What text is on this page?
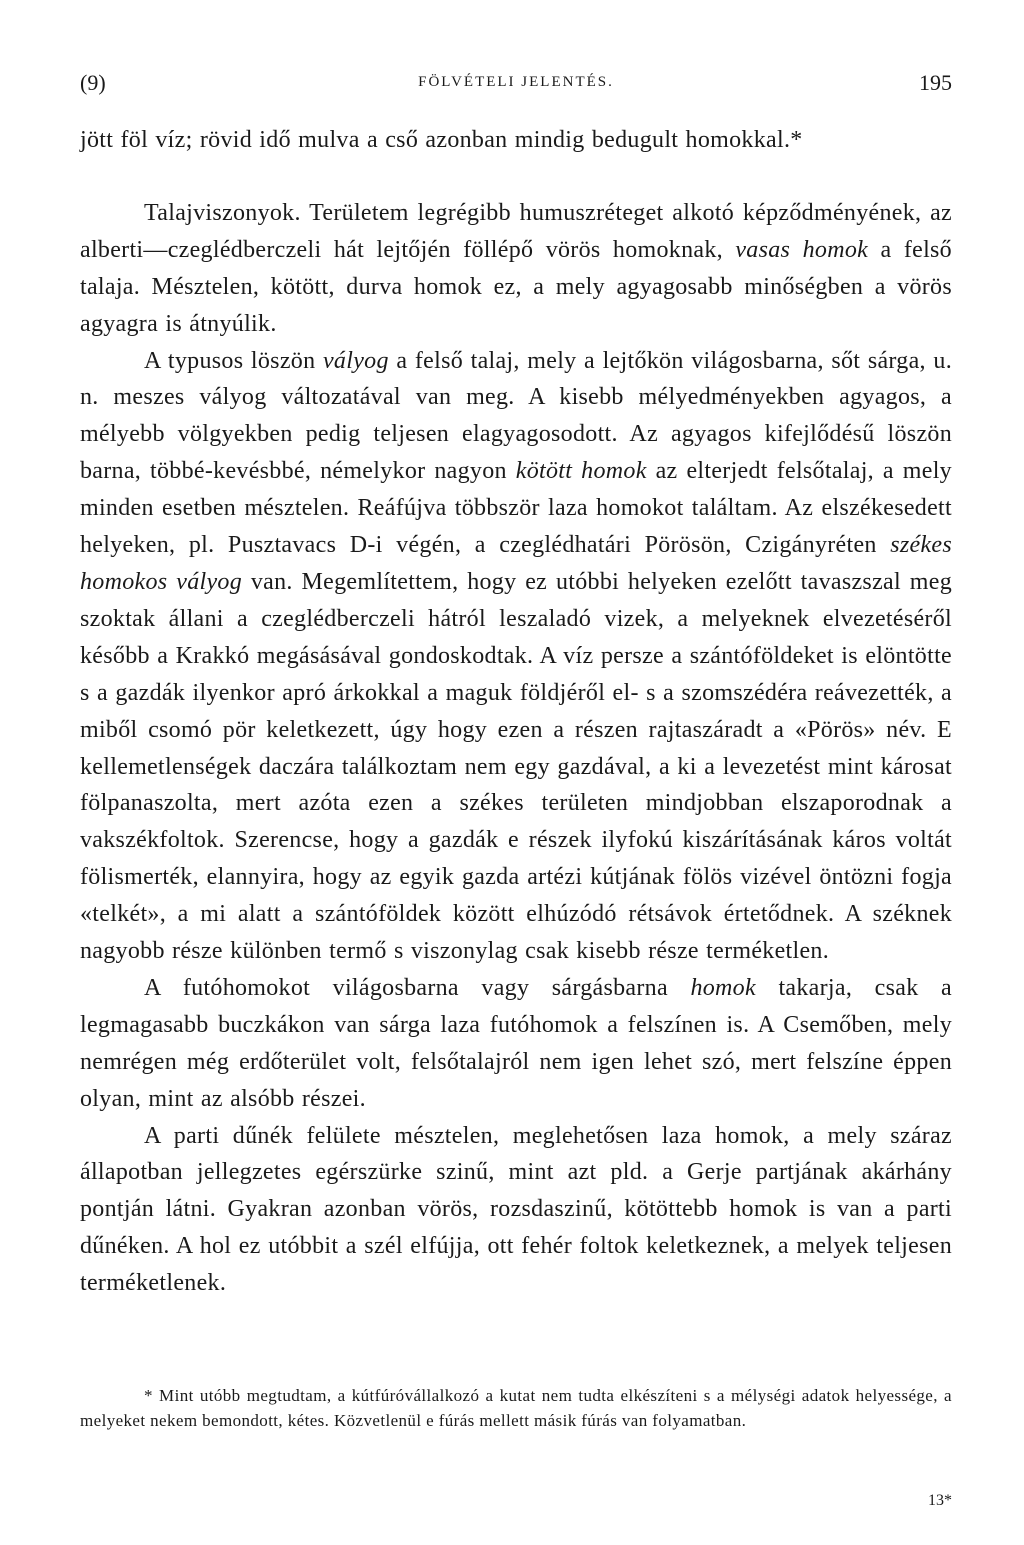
(9)	FÖLVÉTELI JELENTÉS.	195

jött föl víz; rövid idő mulva a cső azonban mindig bedugult homokkal.*

Talajviszonyok. Területem legrégibb humuszréteget alkotó képződményének, az alberti—czeglédberczeli hát lejtőjén föllépő vörös homoknak, vasas homok a felső talaja. Mésztelen, kötött, durva homok ez, a mely agyagosabb minőségben a vörös agyagra is átnyúlik.

A typusos löszön vályog a felső talaj, mely a lejtőkön világosbarna, sőt sárga, u. n. meszes vályog változatával van meg. A kisebb mélyedményekben agyagos, a mélyebb völgyekben pedig teljesen elagyagosodott. Az agyagos kifejlődésű löszön barna, többé-kevésbbé, némelykor nagyon kötött homok az elterjedt felsőtalaj, a mely minden esetben mésztelen. Reáfújva többször laza homokot találtam. Az elszékesedett helyeken, pl. Pusztavacs D-i végén, a czeglédhatári Pörösön, Czigányréten székes homokos vályog van. Megemlítettem, hogy ez utóbbi helyeken ezelőtt tavaszszal meg szoktak állani a czeglédberczeli hátról leszaladó vizek, a melyeknek elvezetéséről később a Krakkó megásásával gondoskodtak. A víz persze a szántóföldeket is elöntötte s a gazdák ilyenkor apró árkokkal a maguk földjéről el- s a szomszédéra reávezették, a miből csomó pör keletkezett, úgy hogy ezen a részen rajtaszáradt a «Pörös» név. E kellemetlenségek daczára találkoztam nem egy gazdával, a ki a levezetést mint károsat fölpanaszolta, mert azóta ezen a székes területen mindjobban elszaporodnak a vakszékfoltok. Szerencse, hogy a gazdák e részek ilyfokú kiszárításának káros voltát fölismerték, elannyira, hogy az egyik gazda artézi kútjának fölös vizével öntözni fogja «telkét», a mi alatt a szántóföldek között elhúzódó rétsávok értetődnek. A széknek nagyobb része különben termő s viszonylag csak kisebb része terméketlen.

A futóhomokot világosbarna vagy sárgásbarna homok takarja, csak a legmagasabb buczkákon van sárga laza futóhomok a felszínen is. A Csemőben, mely nemrégen még erdőterület volt, felsőtalajról nem igen lehet szó, mert felszíne éppen olyan, mint az alsóbb részei.

A parti dűnék felülete mésztelen, meglehetősen laza homok, a mely száraz állapotban jellegzetes egérszürke szinű, mint azt pld. a Gerje partjának akárhány pontján látni. Gyakran azonban vörös, rozsdaszinű, kötöttebb homok is van a parti dűnéken. A hol ez utóbbit a szél elfújja, ott fehér foltok keletkeznek, a melyek teljesen terméketlenek.

* Mint utóbb megtudtam, a kútfúróvállalkozó a kutat nem tudta elkészíteni s a mélységi adatok helyessége, a melyeket nekem bemondott, kétes. Közvetlenül e fúrás mellett másik fúrás van folyamatban.

13*
